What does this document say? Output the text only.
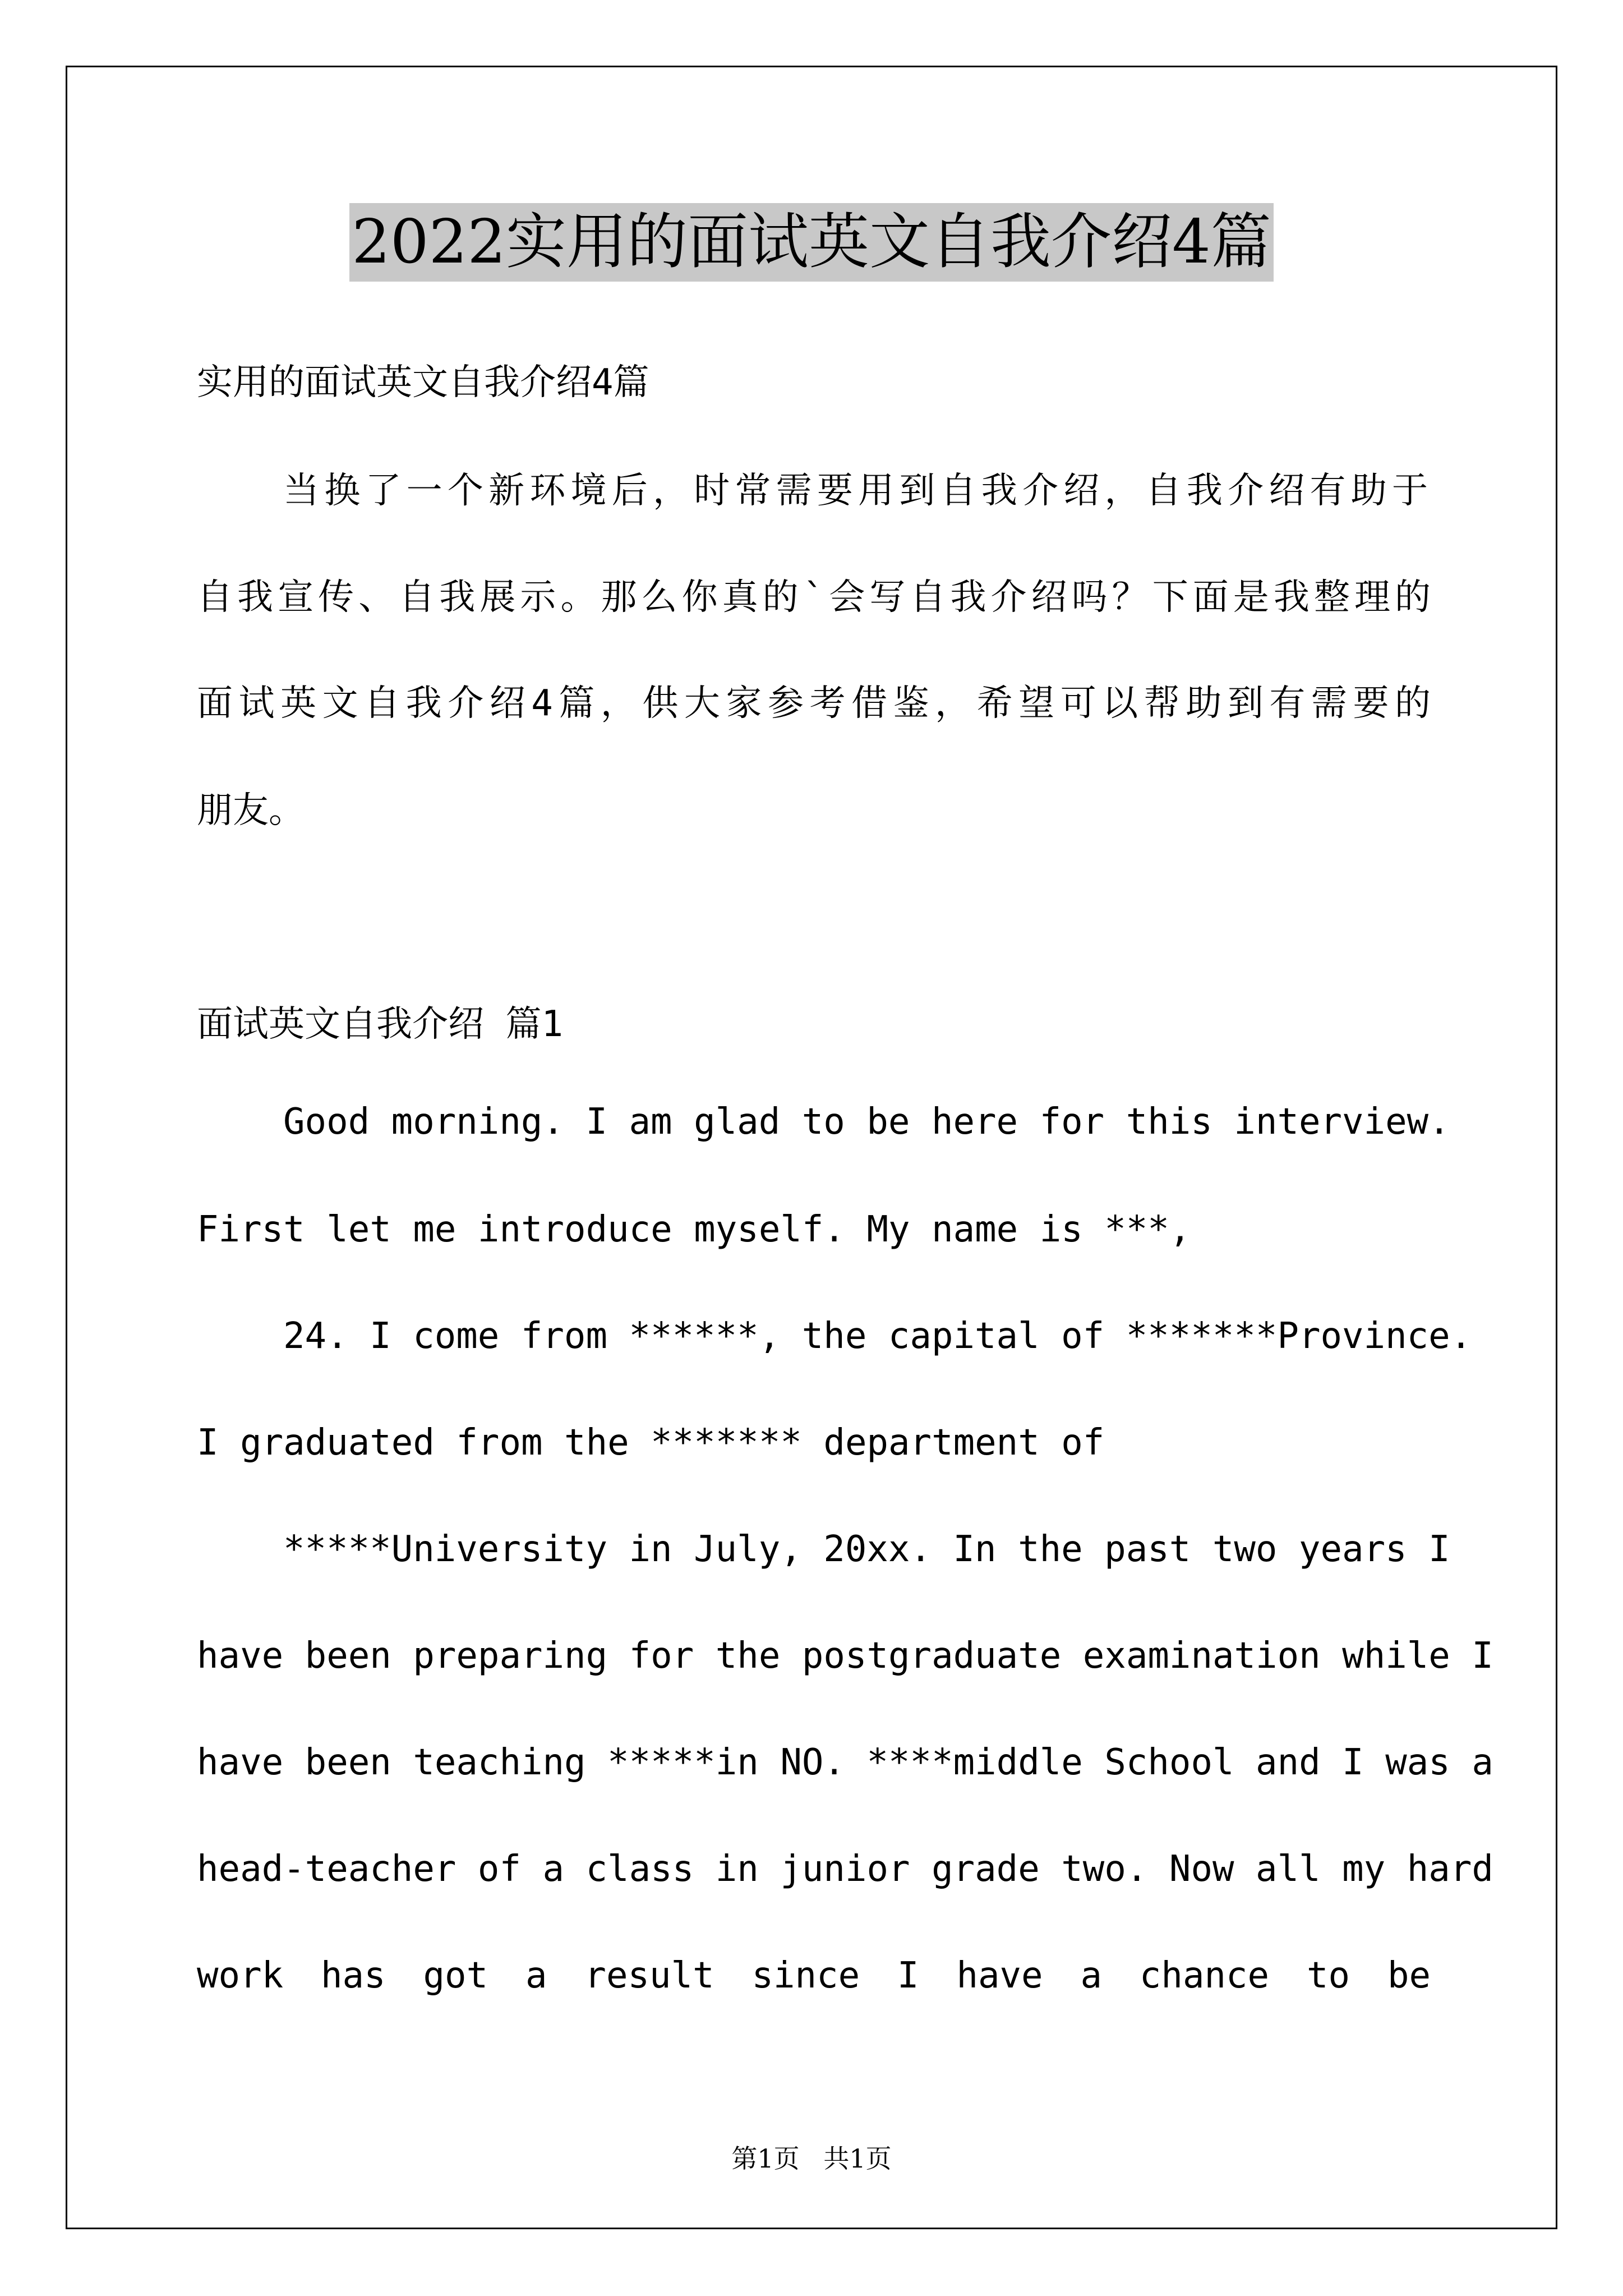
2022实用的面试英文自我介绍4篇
实用的面试英文自我介绍4篇
当换了一个新环境后，时常需要用到自我介绍，自我介绍有助于
自我宣传、自我展示。那么你真的`会写自我介绍吗？下面是我整理的
面试英文自我介绍4篇，供大家参考借鉴，希望可以帮助到有需要的
朋友。
面试英文自我介绍 篇1
Good morning. I am glad to be here for this interview.
First let me introduce myself. My name is ***,
24. I come from ******, the capital of *******Province.
I graduated from the ******* department of
*****University in July, 20xx. In the past two years I
have been preparing for the postgraduate examination while I
have been teaching *****in NO. ****middle School and I was a
head-teacher of a class in junior grade two. Now all my hard
work has got a result since I have a chance to be
第1页 共1页
